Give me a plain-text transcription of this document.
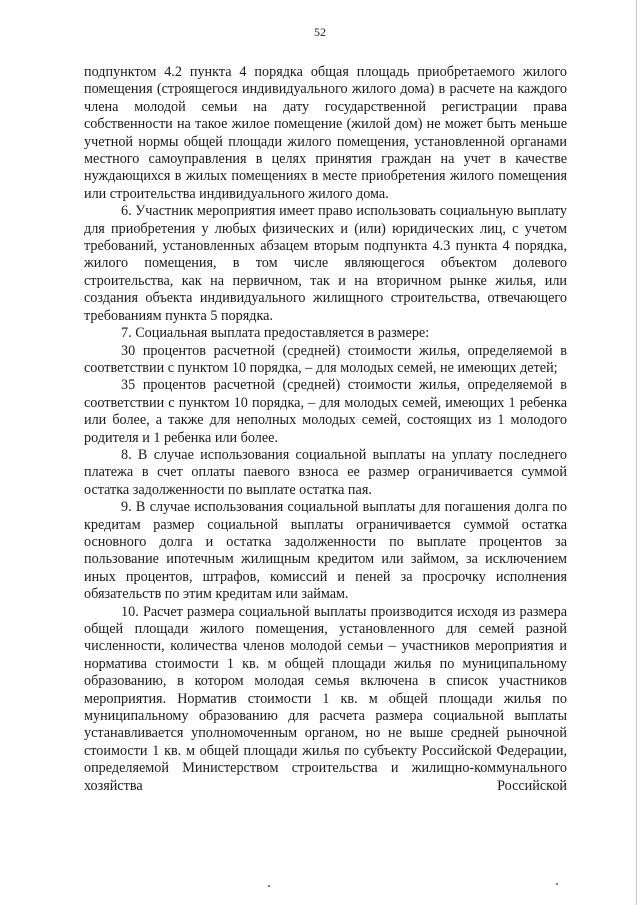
52

подпунктом 4.2 пункта 4 порядка общая площадь приобретаемого жилого помещения (строящегося индивидуального жилого дома) в расчете на каждого члена молодой семьи на дату государственной регистрации права собственности на такое жилое помещение (жилой дом) не может быть меньше учетной нормы общей площади жилого помещения, установленной органами местного самоуправления в целях принятия граждан на учет в качестве нуждающихся в жилых помещениях в месте приобретения жилого помещения или строительства индивидуального жилого дома.

6. Участник мероприятия имеет право использовать социальную выплату для приобретения у любых физических и (или) юридических лиц, с учетом требований, установленных абзацем вторым подпункта 4.3 пункта 4 порядка, жилого помещения, в том числе являющегося объектом долевого строительства, как на первичном, так и на вторичном рынке жилья, или создания объекта индивидуального жилищного строительства, отвечающего требованиям пункта 5 порядка.

7. Социальная выплата предоставляется в размере:

30 процентов расчетной (средней) стоимости жилья, определяемой в соответствии с пунктом 10 порядка, – для молодых семей, не имеющих детей;

35 процентов расчетной (средней) стоимости жилья, определяемой в соответствии с пунктом 10 порядка, – для молодых семей, имеющих 1 ребенка или более, а также для неполных молодых семей, состоящих из 1 молодого родителя и 1 ребенка или более.

8. В случае использования социальной выплаты на уплату последнего платежа в счет оплаты паевого взноса ее размер ограничивается суммой остатка задолженности по выплате остатка пая.

9. В случае использования социальной выплаты для погашения долга по кредитам размер социальной выплаты ограничивается суммой остатка основного долга и остатка задолженности по выплате процентов за пользование ипотечным жилищным кредитом или займом, за исключением иных процентов, штрафов, комиссий и пеней за просрочку исполнения обязательств по этим кредитам или займам.

10. Расчет размера социальной выплаты производится исходя из размера общей площади жилого помещения, установленного для семей разной численности, количества членов молодой семьи – участников мероприятия и норматива стоимости 1 кв. м общей площади жилья по муниципальному образованию, в котором молодая семья включена в список участников мероприятия. Норматив стоимости 1 кв. м общей площади жилья по муниципальному образованию для расчета размера социальной выплаты устанавливается уполномоченным органом, но не выше средней рыночной стоимости 1 кв. м общей площади жилья по субъекту Российской Федерации, определяемой Министерством строительства и жилищно-коммунального хозяйства Российской
